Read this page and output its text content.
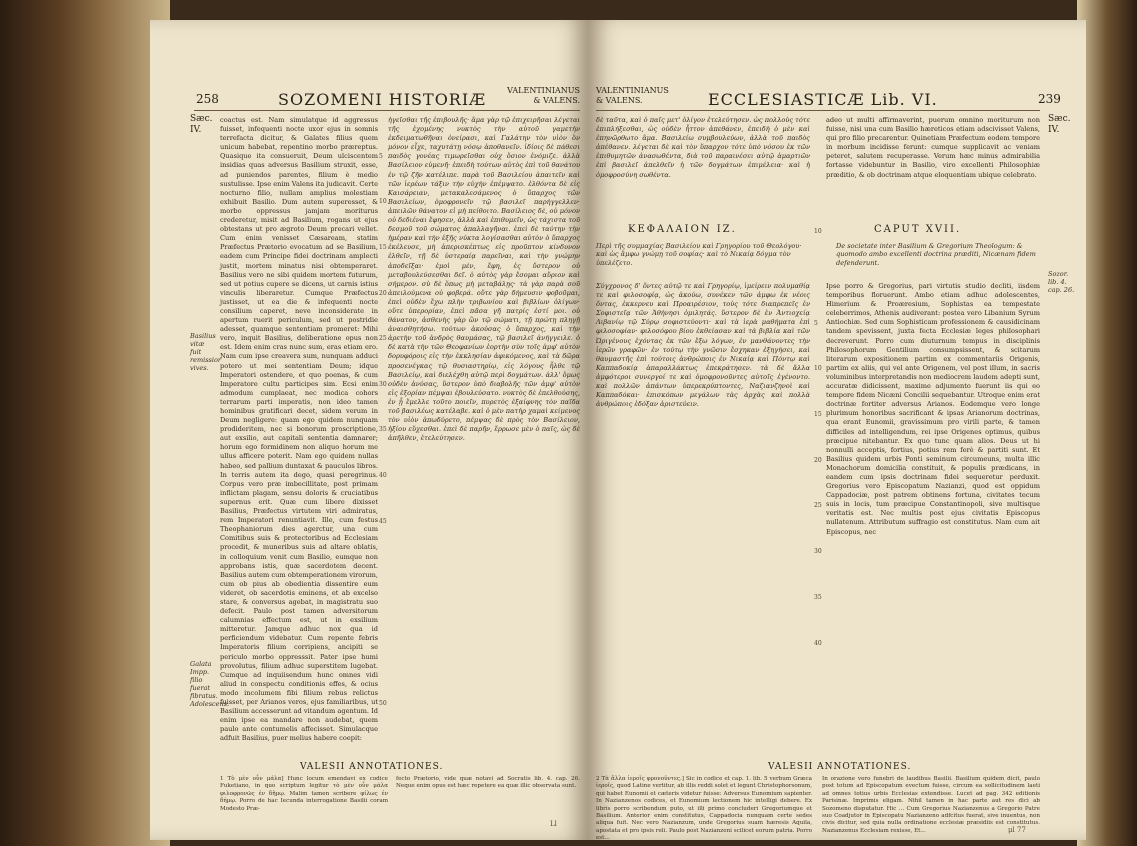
258	SOZOMENI HISTORIÆ	VALENTINIANUS
& VALENS.
Sæc.
IV.
Basilius vitæ fuit remissior vives.
Galata Impp. filio fuerat fibratus. Adolescens.
coactus est. Nam simulatque id aggressus fuisset, infequenti nocte uxor ejus in somnis terrefacta dicitur, & Galates filius quem unicum habebat, repentino morbo præreptus. Quasique ita consueruit, Deum ulciscentem insidias quas adversus Basilium struxit, esse, ad puniendos parentes, filium è medio sustulisse. Ipse enim Valens ita judicavit. Certe nocturno filio, nullam amplius molestiam exhibuit Basilio. Dum autem superesset, & morbo oppressus jamjam moriturus crederetur, misit ad Basilium, rogans ut ejus obtestans ut pro ægroto Deum precari vellet. Cum enim venisset Cæsaream, statim Præfectus Prætorio evocatum ad se Basilium, eadem cum Principe fidei doctrinam amplecti justit, mortem minatus nisi obtemperaret. Basilius vero ne sibi quidem mortem futurum, sed ut potius cupere se dicens, ut carnis istius vinculis liberaretur. Cumque Præfectus justisset, ut ea die & infequenti nocte consilium caperet, neve inconsiderate in apertum ruerit periculum, sed ut postridie adesset, quamque sententiam promeret: Mihi vero, inquit Basilius, deliberatione opus non est. Idem enim cras nunc sum, eras etiam ero. Nam cum ipse creavera sum, nunquam adduci potero ut mei sententiam Deum; idque Imperatori ostendere, et quo poenas, & cum Imperatore cultu participes sim. Ecsi enim admodum cumplaeat, nec modica cohors terrarum parti imperatis, non ideo tamen hominibus gratificari decet, sidem verum in Deum negligere: quam ego quidem nunquam prodideritem, nec si bonorum proscriptione, aut exsilio, aut capitali sententia damnarer; horum ego formidinem non aliquo horum me ullus afficere poterit. Nam ego quidem nullas habeo, sed pallium duntaxat & pauculos libros. In terris autem ita dego, quasi peregrinus. Corpus vero præ imbecillitate, post primam inflictam plagam, sensu doloris & cruciatibus supernus erit. Quæ cum libere dixisset Basilius, Præfectus virtutem viri admiratus, rem Imperatori renuntiavit. Ille, cum festus Theophaniorum dies agerctur, una cum Comitibus suis & protectoribus ad Ecclesiam procedit, & muneribus suis ad altare oblatis, in colloquium venit cum Basilio, eumque non approbans istis, quæ sacerdotem decent. Basilius autem cum obtemperationem virorum, cum ob pius ab obedientia dissentire eum videret, ob sacerdotis eminens, et ab excelso stare, & conversus agebat, in magistratu suo defecit. Paulo post tamen adversitorum calumnias effectum est, ut in exsilium mitteretur. Jamque adhuc nox qua id perficiendum videbatur. Cum repente febris Imperatoris filium corripiens, ancipiti se periculo morbo oppresssit. Pater ipse humi provolutus, filium adhuc superstitem lugebat. Cumque ad inquiisendum hunc omnes vidi aliud in conspectu conditionis effes, & ocius modo incolumem fibi filium rebus relictus fuisset, per Arianos veros, ejus familiaribus, ut Basilium accesserunt ad vitandum agentum. Id enim ipse ea mandare non audebat, quem paulo ante contumelis affecisset. Simulacque adfuit Basilius, puer melius habere coepit:
ἡγεῖσθαι τῆς ἐπιβουλῆς· ἅμα γὰρ τῷ ἐπιχειρῆσαι λέγεται τῆς ἐχομένης νυκτὸς τὴν αὐτοῦ γαμετὴν ἐκδειματωθῆναι ὀνείρασι, καὶ Γαλάτην τὸν υἱὸν ὃν μόνον εἶχε, ταχυτάτῃ νόσῳ ἀποθανεῖν. ἰδίοις δὲ πάθεσι παιδὸς γονέας τιμωρεῖσθαι οὐχ ὅσιον ἐνόμιζε. ἀλλὰ Βασίλειον εὐμενῆ· ἐπειδὴ τούτων αὐτὸς ἐπὶ τοῦ θανάτου ἐν τῷ ζῆν κατέλιπε. παρὰ τοῦ Βασιλείου ἀπαιτεῖν καὶ τῶν ἱερέων τάξιν τὴν εὐχὴν ἐπέμψατο. ἐλθόντα δὲ εἰς Καισάρειαν, μετακαλεσάμενος ὁ ὕπαρχος τῶν Βασιλείων, ὁμοφρονεῖν τῷ βασιλεῖ παρήγγελλεν· ἀπειλῶν θάνατον εἰ μὴ πείθοιτο. Βασίλειος δὲ, οὐ μόνον οὐ δεδιέναι ἔφησεν, ἀλλὰ καὶ ἐπιθυμεῖν, ὡς τάχιστα τοῦ δεσμοῦ τοῦ σώματος ἀπαλλαγῆναι. ἐπεὶ δὲ ταύτην τὴν ἡμέραν καὶ τὴν ἑξῆς νύκτα λογίσασθαι αὐτὸν ὁ ὕπαρχος ἐκέλευσε, μὴ ἀπερισκέπτως εἰς προῦπτον κίνδυνον ἐλθεῖν, τῇ δὲ ὑστεραίᾳ παρεῖναι, καὶ τὴν γνώμην ἀποδεῖξαι· ἐμοὶ μὲν, ἔφη, ἐς ὕστερον οὐ μεταβουλεύσεσθαι δεῖ. ὁ αὐτὸς γὰρ ἔσομαι αὔριον καὶ σήμερον. σὺ δὲ ὅπως μὴ μεταβάλῃς· τὰ γὰρ παρὰ σοῦ ἀπειλούμενα οὐ φοβερά. οὔτε γὰρ δήμευσιν φοβοῦμαι, ἐπεὶ οὐδὲν ἔχω πλὴν τριβωνίου καὶ βιβλίων ὀλίγων· οὔτε ὑπερορίαν, ἐπεὶ πᾶσα γῆ πατρίς ἐστί μοι. οὐ θάνατον, ἀσθενὴς γὰρ ὢν τῷ σώματι, τῇ πρώτῃ πληγῇ ἀναισθητήσω. τούτων ἀκούσας ὁ ὕπαρχος, καὶ τὴν ἀρετὴν τοῦ ἀνδρὸς θαυμάσας, τῷ βασιλεῖ ἀνήγγειλε. ὁ δὲ κατὰ τὴν τῶν Θεοφανίων ἑορτὴν σὺν τοῖς ἀμφ' αὐτὸν δορυφόροις εἰς τὴν ἐκκλησίαν ἀφικόμενος, καὶ τὰ δῶρα προσενέγκας τῷ θυσιαστηρίῳ, εἰς λόγους ἦλθε τῷ Βασιλείῳ, καὶ διελέχθη αὐτῷ περὶ δογμάτων. ἀλλ' ὅμως οὐδὲν ἀνύσας, ὕστερον ὑπὸ διαβολῆς τῶν ἀμφ' αὐτὸν εἰς ἐξορίαν πέμψαι ἐβουλεύσατο. νυκτὸς δὲ ἐπελθούσης, ἐν ᾗ ἔμελλε τοῦτο ποιεῖν, πυρετὸς ἐξαίφνης τὸν παῖδα τοῦ βασιλέως κατέλαβε. καὶ ὁ μὲν πατὴρ χαμαὶ κείμενος τὸν υἱὸν ἀπωδύρετο, πέμψας δὲ πρὸς τὸν Βασίλειον, ἠξίου εὔχεσθαι. ἐπεὶ δὲ παρῆν, ἔρρωσε μὲν ὁ παῖς, ὡς δὲ ἀπῆλθεν, ἐτελεύτησεν.
5
10
15
20
25
30
35
40
45
50
VALESII ANNOTATIONES.
1 Τὸ μὲν οὖν μάλα] Hunc locum emendavi ex codice Fuketiano, in quo scriptum legitur τὸ μὲν οὖν μάλα φιλοφρονῶς ἐν δῆμῳ. Malim tamen scribere φίλως ἐν δήμῳ. Porro de hac Iecunda interrogatione Basilii coram Modesto Præ-
fecto Prætorio, vide quæ notavi ad Socratis lib. 4. cap. 26. Neque enim opus est hæc repetere ea quæ illic observata sunt.
Ll
VALENTINIANUS
& VALENS.	ECCLESIASTICÆ Lib. VI.	239
Sæc.
IV.
Sozor. lib. 4. cap. 26.
δὲ ταῦτα, καὶ ὁ παῖς μετ' ὀλίγον ἐτελεύτησεν. ὡς πολλοὺς τότε ἐπιπλήξεσθαι, ὡς οὐδὲν ἧττον ἀπεθάνεν, ἐπειδὴ ὁ μὲν καὶ ἐπηνῶρθωτο ἅμα. Βασιλείω συμβουλεύων, ἀλλὰ τοῦ παιδὸς ἀπέθανεν. λέγεται δὲ καὶ τὸν ὕπαρχον τότε ὑπὸ νόσου ἐκ τῶν ἐπιθυμητῶν ἀνασωθέντα, διὰ τοῦ παραινέσει αὐτῷ ἁμαρτιῶν ἐπὶ βασιλεῖ ἀπελθεῖν ἡ τῶν δογμάτων ἐπιμέλεια· καὶ ἡ ὁμοφροσύνη σωθέντα.
adeo ut multi affirmaverint, puerum omnino moriturum non fuisse, nisi una cum Basilio hæreticos etiam adscivisset Valens, qui pro filio precarentur. Quinetiam Præfectum eodem tempore in morbum incidisse ferunt: cumque supplicavit ac veniam peteret, salutem recuperasse. Verum hæc minus admirabilia fortasse videbuntur in Basilio, viro excellenti Philosophiæ præditio, & ob doctrinam atque eloquentiam ubique celebrato.
ΚΕΦΑΛΑΙΟΝ ΙΖ.	10	CAPUT XVII.
Περὶ τῆς συμμαχίας Βασιλείου καὶ Γρηγορίου τοῦ Θεολόγου· καὶ ὡς ἄμφω γνώμῃ τοῦ σοφίας· καὶ τὸ Νικαίᾳ δόγμα τὸν ὑπελέζετο.
De societate inter Basilium & Gregorium Theologum: & quomodo ambo excellenti doctrina præditi, Nicænam fidem defenderunt.
Σύγχρονος δ' ὄντες αὐτῷ τε καὶ Γρηγορίῳ, ἱμείρειν πολυμαθίᾳ τε καὶ φιλοσοφίᾳ, ὡς ἀκούω, συνέκεν τῶν ἀμφω ἐκ νέοις ὄντας, ἐκκερνευ καὶ Προαιρέσιον, τοὺς τότε διαπρεπεῖς ἐν Σοφιστεῖᾳ τῶν Ἀθήνησι ὁμιλητάς. ὕστερον δὲ ἐν Ἀντιοχείᾳ Λιβανίῳ τῷ Σύρῳ σοφιστεύοντι· καὶ τὰ ἱερὰ μαθήματα ἐπὶ φιλοσοφίαν· φιλοσόφου βίου ἐκθείασαν καὶ τὰ βιβλία καὶ τῶν Ὠριγένους ἐχόντας ἐκ τῶν ἔξω λόγων, ἐν μανθάνοντες τὴν ἱερῶν γραφῶν· ἐν τούτῳ τὴν γνῶσιν ἔσχηκαν ἐξηγήσει, καὶ θαυμαστῆς ἐπὶ τούτοις ἀνθρώποις ἐν Νικαίᾳ καὶ Πόντῳ καὶ Καππαδοκίᾳ ἀπαραλλάκτως ἐπεκράτησεν. τὰ δὲ ἄλλα ἀμφότεροι συνεργοί τε καὶ ὁμοφρονοῦντες αὐτοῖς ἐγένοντο. καὶ πολλῶν ἀπάντων ὑπερεκρύπτοντες, Ναζιανζηνοὶ καὶ Καππαδόκαι· ἐπισκόπων μεγάλων τὰς ἀρχὰς καὶ πολλὰ ἀνθρώποις ἐδόξαν ἀριστεύειν.
Ipse porro & Gregorius, pari virtutis studio decliti, iisdem temporibus floruerunt. Ambo etiam adhuc adolescentes, Himerium & Proæresium, Sophistas ea tempestate celeberrimos, Athenis audiverant: postea vero Libanium Syrum Antiochiæ. Sed cum Sophisticam professionem & causidicinam tandem spevissent, juxta fecta Ecclesiæ leges philosophari decreverunt. Porro cum diuturnum tempus in disciplinis Philosophorum Gentilium consumpsissent, & scitarum literarum expositionem partim ex commentariis Origenis, partim ex aliis, qui vel ante Origenem, vel post illum, in sacris voluminibus interpretandis non mediocrem laudem adepti sunt, accuratæ didicissent, maxime adjumento fuerunt iis qui eo tempore fidem Nicæni Concilii sequebantur. Utroque enim erat doctrinæ fortiter adversus Arianos. Eodemque vero longe plurimum honoribus sacrificant & ipsas Arianorum doctrinas, qua erant Eunomii, gravissimum pro virili parte, & tamen difficiles ad intelligendum, rei ipse Origenes optimus, quibus præcipue nitebantur. Ex quo tunc quam alios. Deus ut hi nonnulli acceptis, fortius, potius rem ferè & partiti sunt. Et Basilius quidem urbis Ponti seminum circumeuns, multa illic Monachorum domicilia constituit, & populis prædicans, in eandem cum ipsis doctrinam fidei sequeretur perduxit. Gregorius vero Episcopatum Nazianzi, quod est oppidum Cappadociæ, post patrem obtinens fortuna, civitates tecum suis in locis, tum præcipue Constantinopoli, sive multisque veritatis est. Nec multis post ejus civitatis Episcopus nullatenum. Attributum suffragio est constitutus. Nam cum ait Episcopus, nec
5
10
15
20
25
30
35
40
VALESII ANNOTATIONES.
2 Τὰ ἄλλα ἱεροῖς φρονοῦντες.] Sic in codice et cap. 1. lib. 5 verbum Græca ἱεροῖς, quod Latine vertitur, ab illis reddi solet et legunt Christophorsonum, qui habet Eunomii et cæteris videtur fuisse: Adversus Eunomium sapienter. In Nazianzenos codices, et Eunomium lectionem hic intelligi debere. Ex libris porro scribendum puto, ut illi primo concluderi Gregoriumque et Basilium. Anterior enim constitutus, Cappadocia nunquam certe sedes aliqua fuit. Nec vero Nazianzum, unde Gregorius suam hæresis Aquila, apostata et pro ipsis reli. Paulo post Nazianzeni scilicet eorum patria. Porro est...
In orazione vero funebri de laudibus Basilii. Basilium quidem dicit, paulo post totum ad Episcopatum evectum fuisse, circum ea sollicitudinem laeti ad omnes totius urbis Ecclesias extendisse. Lucet ad pag. 342 editionis Parisinæ. Imprimis eligam. Nihil tamen in hac parte aut res dici ab Sozomeno disputatur. Hic ... Cum Gregorius Nazianzenus a Gregorio Patre suo Coadjutor in Episcopatu Nazianzeno adfcitus fuerat, sive inuentus, non civis dicitur, sed quia nulla ordinatione ecclesiæ præsidiis est constitutus. Nazianzenus Ecclesiam rexisse, Et...	μl 77
